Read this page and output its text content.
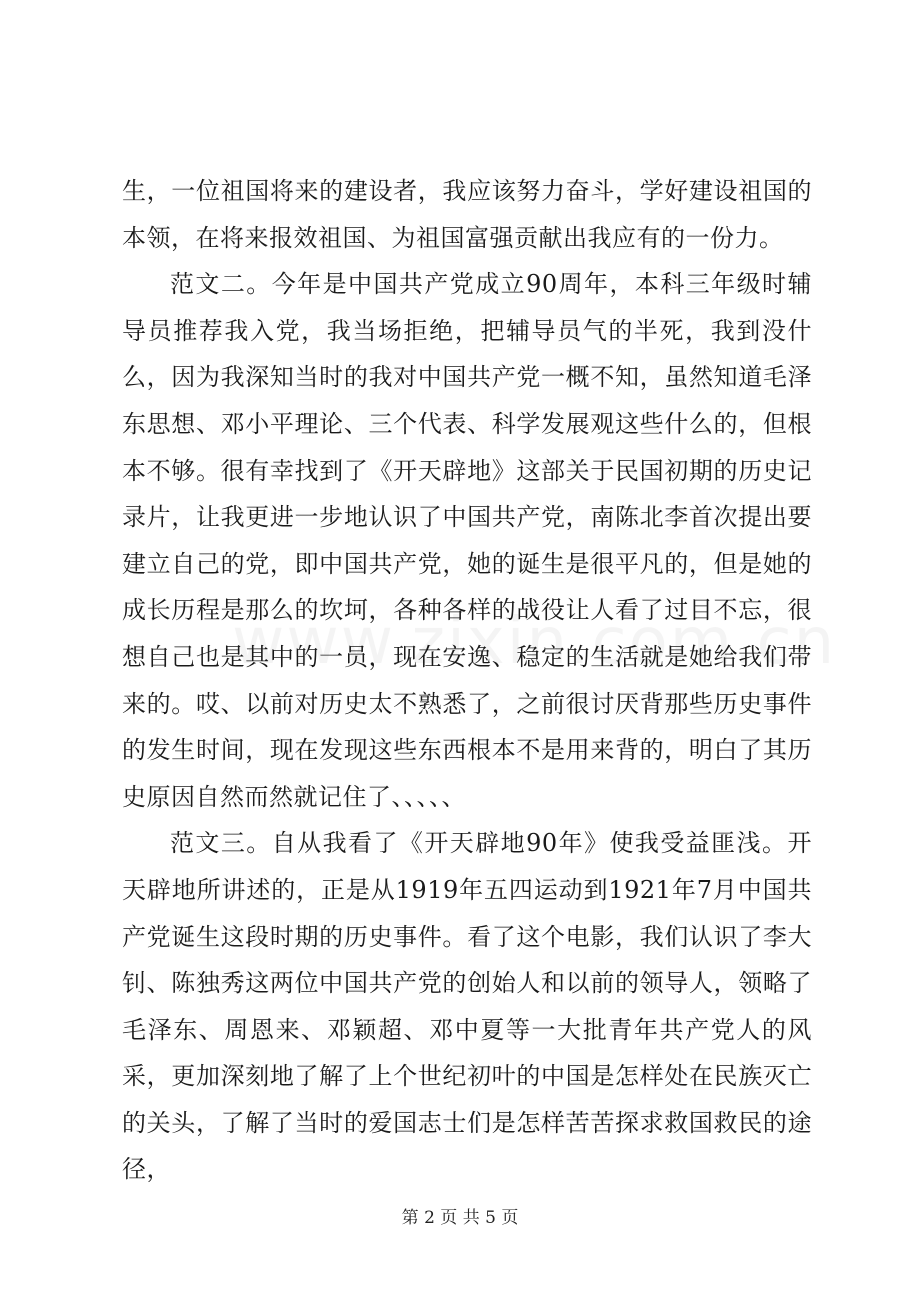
生，一位祖国将来的建设者，我应该努力奋斗，学好建设祖国的本领，在将来报效祖国、为祖国富强贡献出我应有的一份力。

范文二。今年是中国共产党成立90周年，本科三年级时辅导员推荐我入党，我当场拒绝，把辅导员气的半死，我到没什么，因为我深知当时的我对中国共产党一概不知，虽然知道毛泽东思想、邓小平理论、三个代表、科学发展观这些什么的，但根本不够。很有幸找到了《开天辟地》这部关于民国初期的历史记录片，让我更进一步地认识了中国共产党，南陈北李首次提出要建立自己的党，即中国共产党，她的诞生是很平凡的，但是她的成长历程是那么的坎坷，各种各样的战役让人看了过目不忘，很想自己也是其中的一员，现在安逸、稳定的生活就是她给我们带来的。哎、以前对历史太不熟悉了，之前很讨厌背那些历史事件的发生时间，现在发现这些东西根本不是用来背的，明白了其历史原因自然而然就记住了、、、、、

范文三。自从我看了《开天辟地90年》使我受益匪浅。开天辟地所讲述的，正是从1919年五四运动到1921年7月中国共产党诞生这段时期的历史事件。看了这个电影，我们认识了李大钊、陈独秀这两位中国共产党的创始人和以前的领导人，领略了毛泽东、周恩来、邓颖超、邓中夏等一大批青年共产党人的风采，更加深刻地了解了上个世纪初叶的中国是怎样处在民族灭亡的关头，了解了当时的爱国志士们是怎样苦苦探求救国救民的途径，

第 2 页 共 5 页
